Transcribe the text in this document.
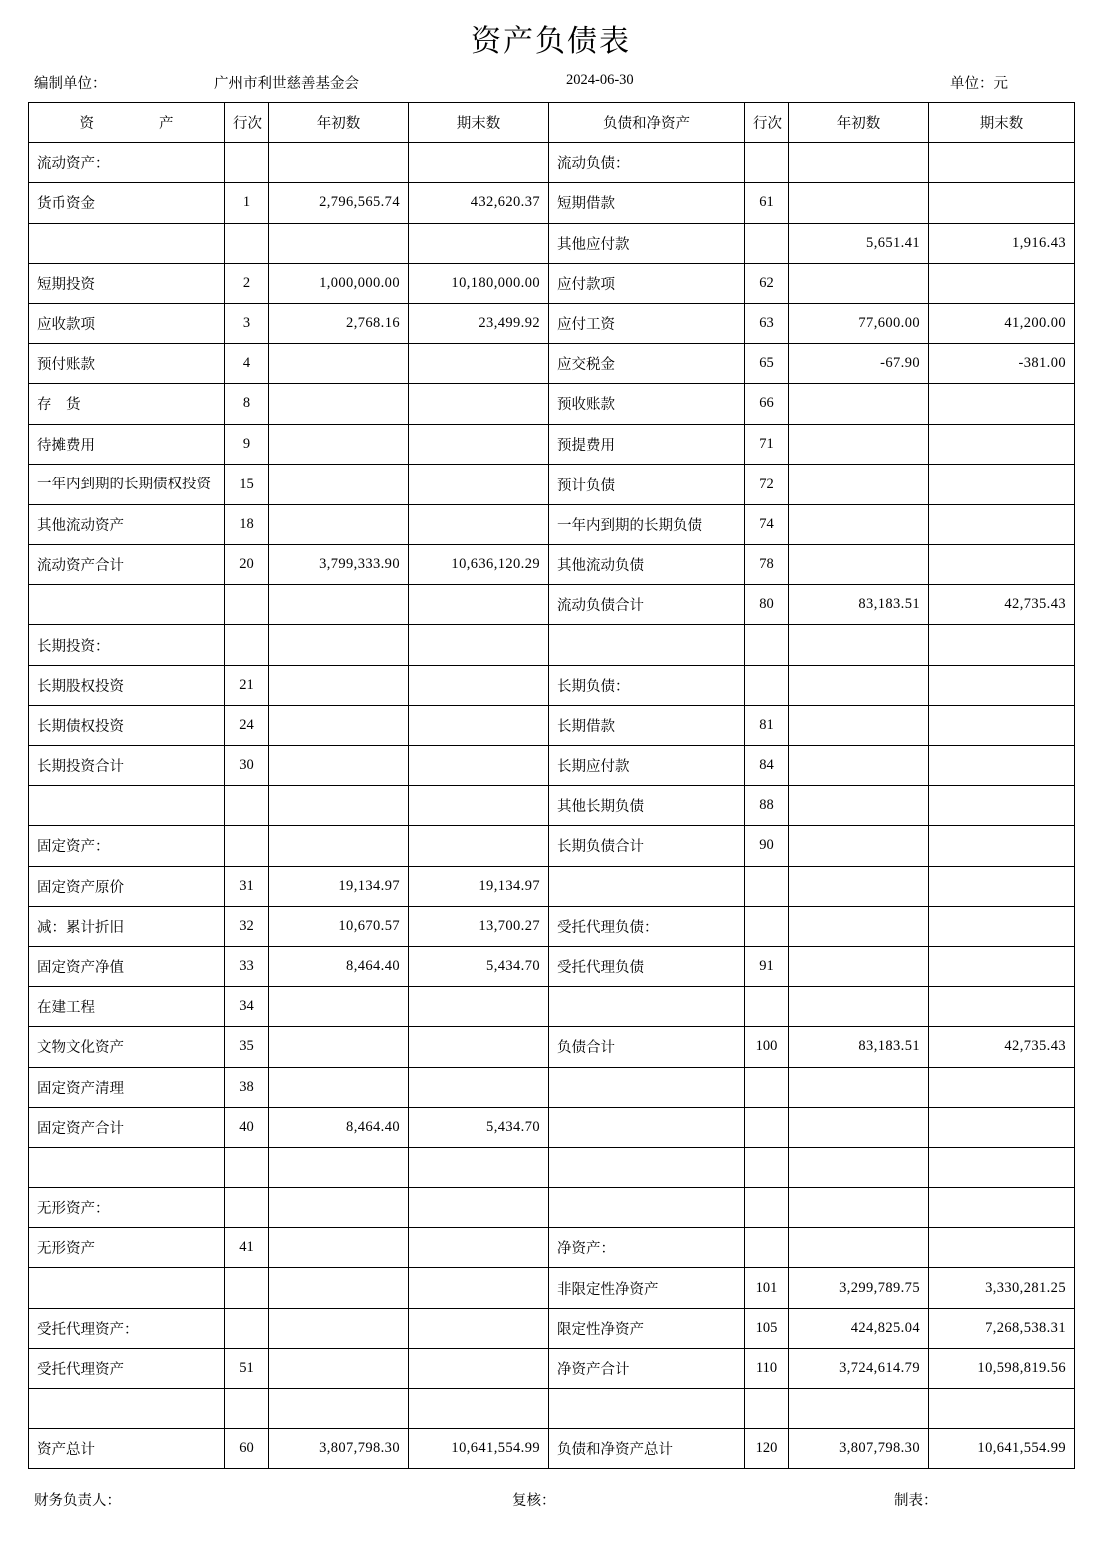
资产负债表
编制单位：	广州市利世慈善基金会	2024-06-30	单位：元
资　　产	行次	年初数	期末数	负债和净资产	行次	年初数	期末数
流动资产：				流动负债：			
货币资金	1	2,796,565.74	432,620.37	短期借款	61		
				其他应付款		5,651.41	1,916.43
短期投资	2	1,000,000.00	10,180,000.00	应付款项	62		
应收款项	3	2,768.16	23,499.92	应付工资	63	77,600.00	41,200.00
预付账款	4			应交税金	65	-67.90	-381.00
存　货	8			预收账款	66		
待摊费用	9			预提费用	71		

一年内到期的长期债权投资	15			预计负债	72		
其他流动资产	18			一年内到期的长期负债	74		
流动资产合计	20	3,799,333.90	10,636,120.29	其他流动负债	78		
				流动负债合计	80	83,183.51	42,735.43
长期投资：							
长期股权投资	21			长期负债：			
长期债权投资	24			长期借款	81		
长期投资合计	30			长期应付款	84		
				其他长期负债	88		
固定资产：				长期负债合计	90		
固定资产原价	31	19,134.97	19,134.97				
减：累计折旧	32	10,670.57	13,700.27	受托代理负债：			
固定资产净值	33	8,464.40	5,434.70	受托代理负债	91		
在建工程	34						
文物文化资产	35			负债合计	100	83,183.51	42,735.43
固定资产清理	38						
固定资产合计	40	8,464.40	5,434.70				

无形资产：							
无形资产	41			净资产：			
				非限定性净资产	101	3,299,789.75	3,330,281.25
受托代理资产：				限定性净资产	105	424,825.04	7,268,538.31
受托代理资产	51			净资产合计	110	3,724,614.79	10,598,819.56

资产总计	60	3,807,798.30	10,641,554.99	负债和净资产总计	120	3,807,798.30	10,641,554.99
财务负责人：	复核：	制表：
